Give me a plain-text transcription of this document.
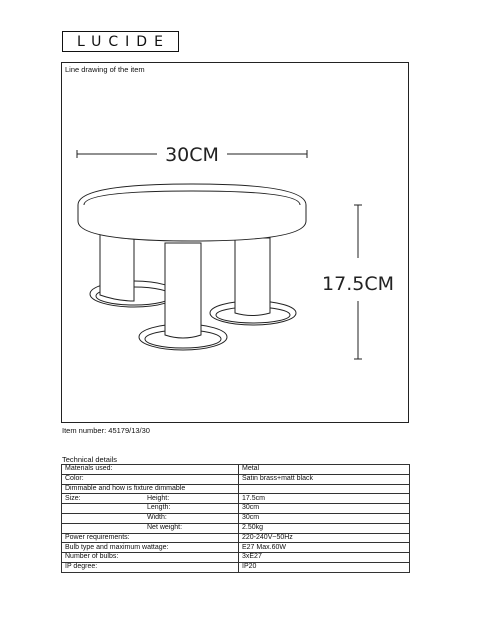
LUCIDE
Line drawing of the item
30CM
17.5CM
Item number: 45179/13/30
Technical details
Materials used:	Metal
Color:	Satin brass+matt black
Dimmable and how is fixture dimmable	
Size: Height:	17.5cm
Length:	30cm
Width:	30cm
Net weight:	2.50kg
Power requirements:	220-240V~50Hz
Bulb type and maximum wattage:	E27 Max.60W
Number of bulbs:	3xE27
IP degree:	IP20
